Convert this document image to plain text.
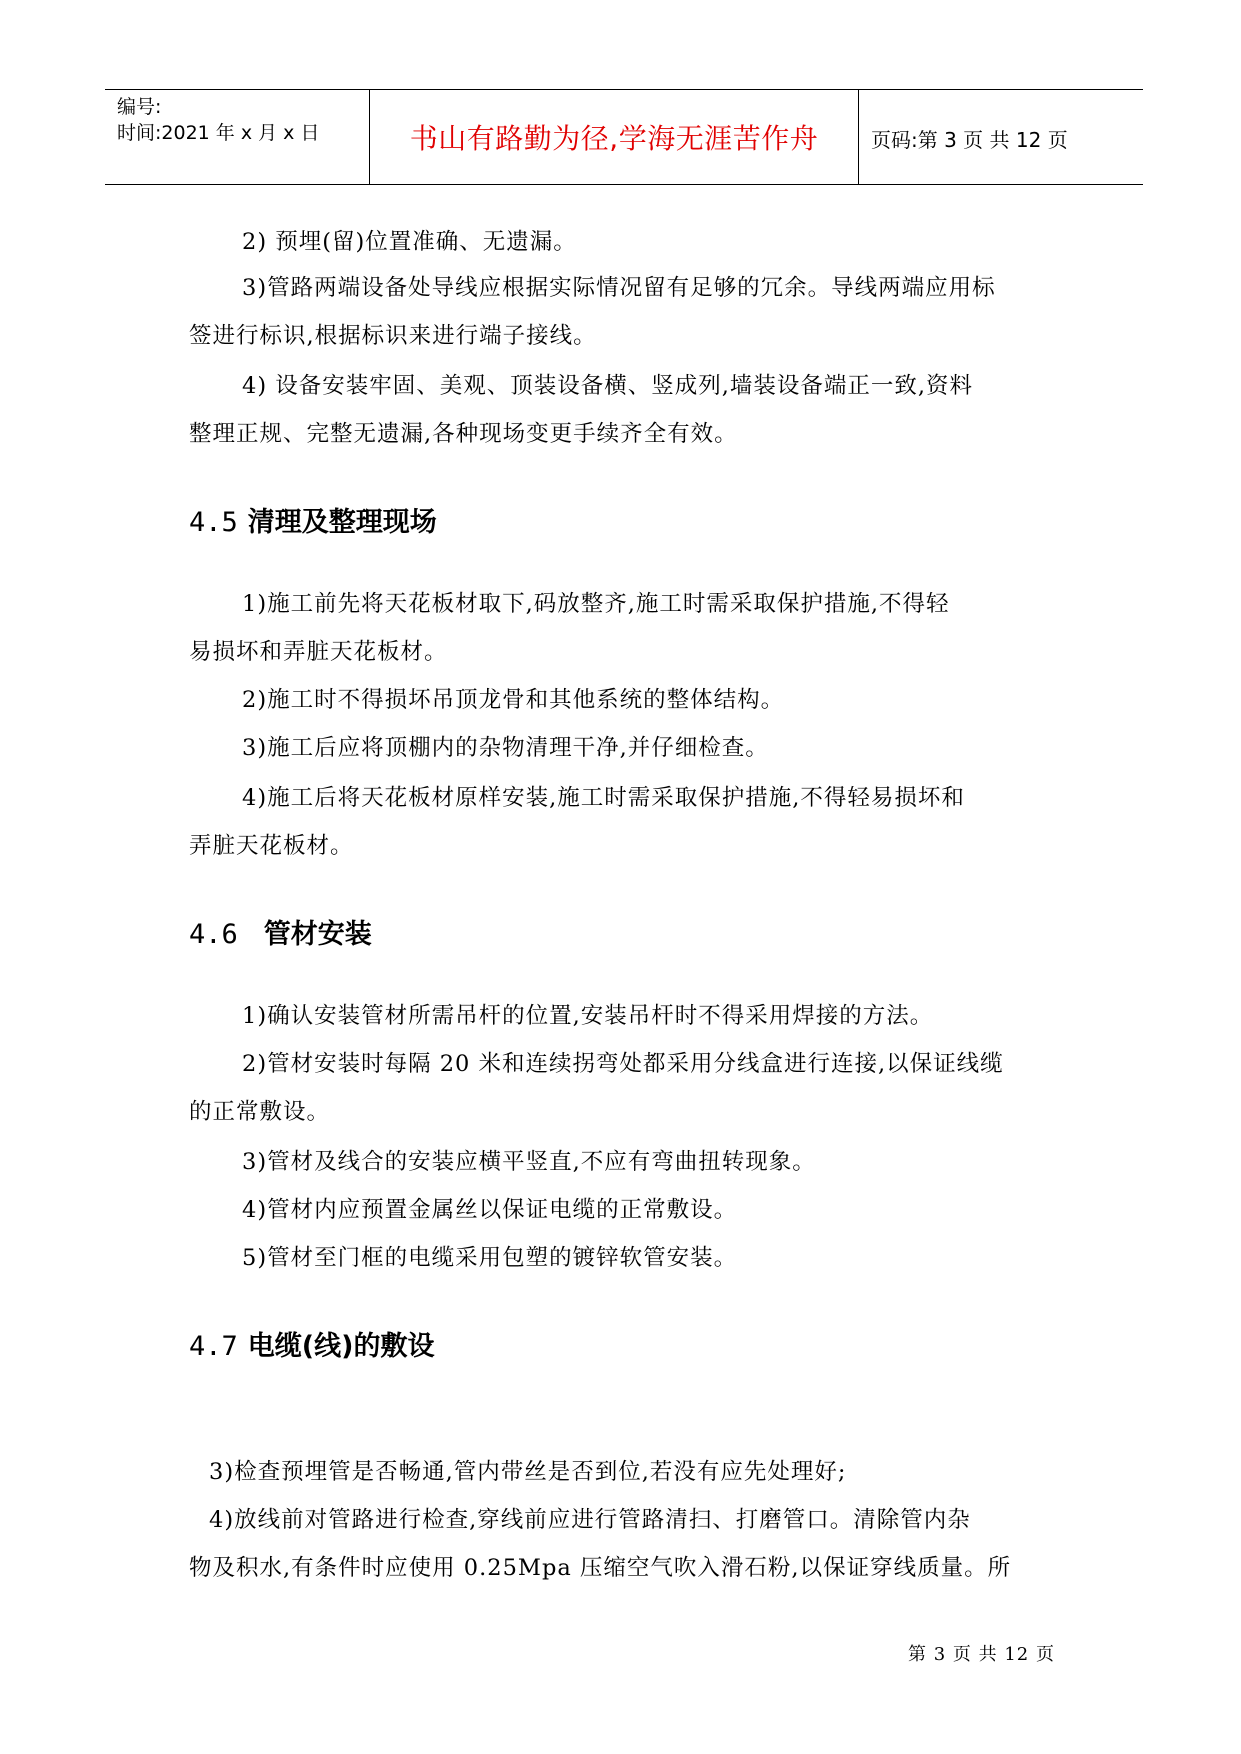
编号:
时间:2021 年 x 月 x 日	书山有路勤为径,学海无涯苦作舟	页码:第 3 页 共 12 页
2) 预埋(留)位置准确、无遗漏。
3)管路两端设备处导线应根据实际情况留有足够的冗余。导线两端应用标
签进行标识,根据标识来进行端子接线。
4) 设备安装牢固、美观、顶装设备横、竖成列,墙装设备端正一致,资料
整理正规、完整无遗漏,各种现场变更手续齐全有效。
4.5 清理及整理现场
1)施工前先将天花板材取下,码放整齐,施工时需采取保护措施,不得轻
易损坏和弄脏天花板材。
2)施工时不得损坏吊顶龙骨和其他系统的整体结构。
3)施工后应将顶棚内的杂物清理干净,并仔细检查。
4)施工后将天花板材原样安装,施工时需采取保护措施,不得轻易损坏和
弄脏天花板材。
4.6 管材安装
1)确认安装管材所需吊杆的位置,安装吊杆时不得采用焊接的方法。
2)管材安装时每隔 20 米和连续拐弯处都采用分线盒进行连接,以保证线缆
的正常敷设。
3)管材及线合的安装应横平竖直,不应有弯曲扭转现象。
4)管材内应预置金属丝以保证电缆的正常敷设。
5)管材至门框的电缆采用包塑的镀锌软管安装。
4.7 电缆(线)的敷设
3)检查预埋管是否畅通,管内带丝是否到位,若没有应先处理好;
4)放线前对管路进行检查,穿线前应进行管路清扫、打磨管口。清除管内杂
物及积水,有条件时应使用 0.25Mpa 压缩空气吹入滑石粉,以保证穿线质量。所
第 3 页 共 12 页
